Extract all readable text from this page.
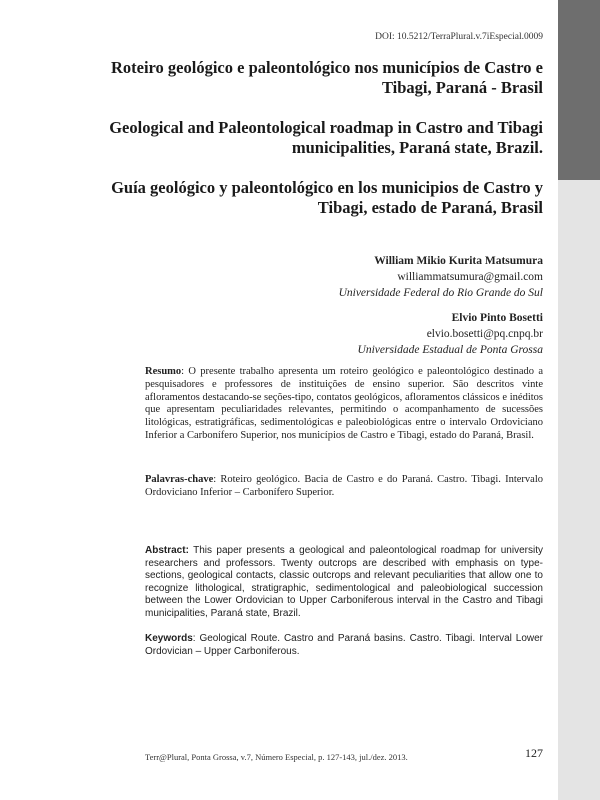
DOI: 10.5212/TerraPlural.v.7iEspecial.0009
Roteiro geológico e paleontológico nos municípios de Castro e Tibagi, Paraná - Brasil
Geological and Paleontological roadmap in Castro and Tibagi municipalities, Paraná state, Brazil.
Guía geológico y paleontológico en los municipios de Castro y Tibagi, estado de Paraná, Brasil
William Mikio Kurita Matsumura
williammatsumura@gmail.com
Universidade Federal do Rio Grande do Sul
Elvio Pinto Bosetti
elvio.bosetti@pq.cnpq.br
Universidade Estadual de Ponta Grossa

Resumo: O presente trabalho apresenta um roteiro geológico e paleontológico destinado a pesquisadores e professores de instituições de ensino superior. São descritos vinte afloramentos destacando-se seções-tipo, contatos geológicos, afloramentos clássicos e inéditos que apresentam peculiaridades relevantes, permitindo o acompanhamento de sucessões litológicas, estratigráficas, sedimentológicas e paleobiológicas entre o intervalo Ordoviciano Inferior a Carbonífero Superior, nos municípios de Castro e Tibagi, estado do Paraná, Brasil.

Palavras-chave: Roteiro geológico. Bacia de Castro e do Paraná. Castro. Tibagi. Intervalo Ordoviciano Inferior – Carbonífero Superior.

Abstract: This paper presents a geological and paleontological roadmap for university researchers and professors. Twenty outcrops are described with emphasis on type-sections, geological contacts, classic outcrops and relevant peculiarities that allow one to recognize lithological, stratigraphic, sedimentological and paleobiological succession between the Lower Ordovician to Upper Carboniferous interval in the Castro and Tibagi municipalities, Paraná state, Brazil.

Keywords: Geological Route. Castro and Paraná basins. Castro. Tibagi. Interval Lower Ordovician – Upper Carboniferous.

Terr@Plural, Ponta Grossa, v.7, Número Especial, p. 127-143, jul./dez. 2013.	127
